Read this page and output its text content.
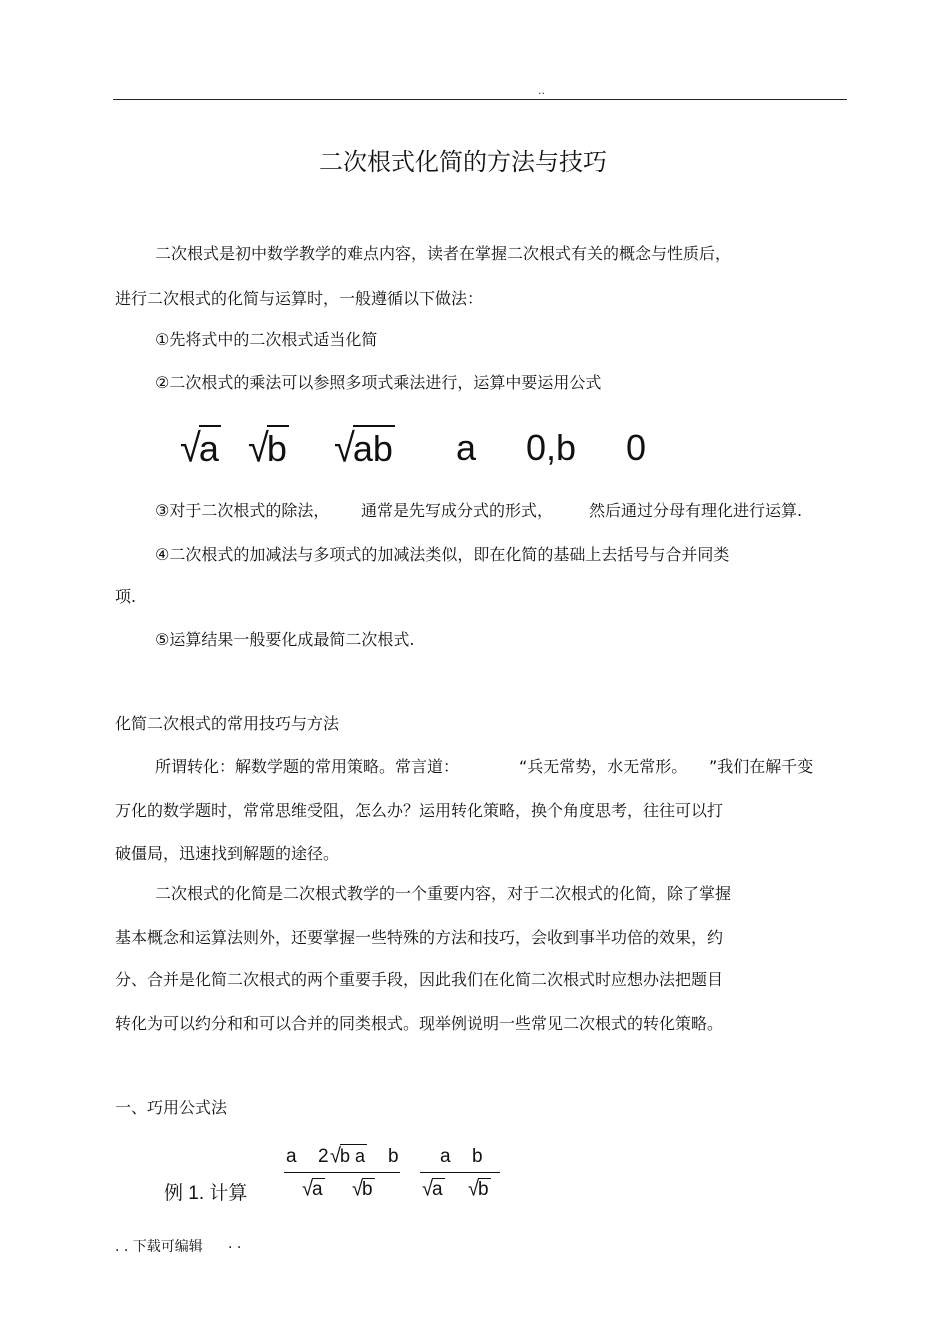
..
二次根式化简的方法与技巧
二次根式是初中数学教学的难点内容，读者在掌握二次根式有关的概念与性质后，
进行二次根式的化简与运算时，一般遵循以下做法：
①先将式中的二次根式适当化简
②二次根式的乘法可以参照多项式乘法进行，运算中要运用公式
√a √b √ab a 0,b 0
③对于二次根式的除法， 通常是先写成分式的形式， 然后通过分母有理化进行运算.
④二次根式的加减法与多项式的加减法类似，即在化简的基础上去括号与合并同类
项.
⑤运算结果一般要化成最简二次根式.
化简二次根式的常用技巧与方法
所谓转化：解数学题的常用策略。常言道：	“兵无常势，水无常形。 ”我们在解千变
万化的数学题时，常常思维受阻，怎么办？运用转化策略，换个角度思考，往往可以打
破僵局，迅速找到解题的途径。
二次根式的化简是二次根式教学的一个重要内容，对于二次根式的化简，除了掌握
基本概念和运算法则外，还要掌握一些特殊的方法和技巧，会收到事半功倍的效果，约
分、合并是化简二次根式的两个重要手段，因此我们在化简二次根式时应想办法把题目
转化为可以约分和和可以合并的同类根式。现举例说明一些常见二次根式的转化策略。
一、巧用公式法
例 1. 计算
a 2 √b a b
√a √b
a b
√a √b
. . 下载可编辑 . .
